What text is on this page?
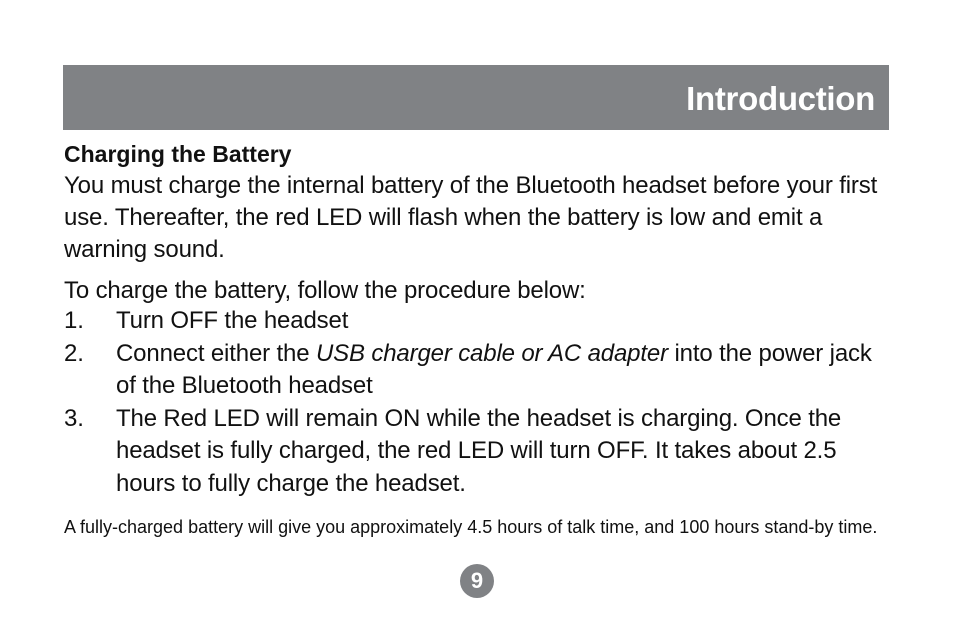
Introduction
Charging the Battery

You must charge the internal battery of the Bluetooth headset before your first use. Thereafter, the red LED will flash when the battery is low and emit a warning sound.

To charge the battery, follow the procedure below:

1. Turn OFF the headset
2. Connect either the USB charger cable or AC adapter into the power jack of the Bluetooth headset
3. The Red LED will remain ON while the headset is charging. Once the headset is fully charged, the red LED will turn OFF. It takes about 2.5 hours to fully charge the headset.

A fully-charged battery will give you approximately 4.5 hours of talk time, and 100 hours stand-by time.

9
